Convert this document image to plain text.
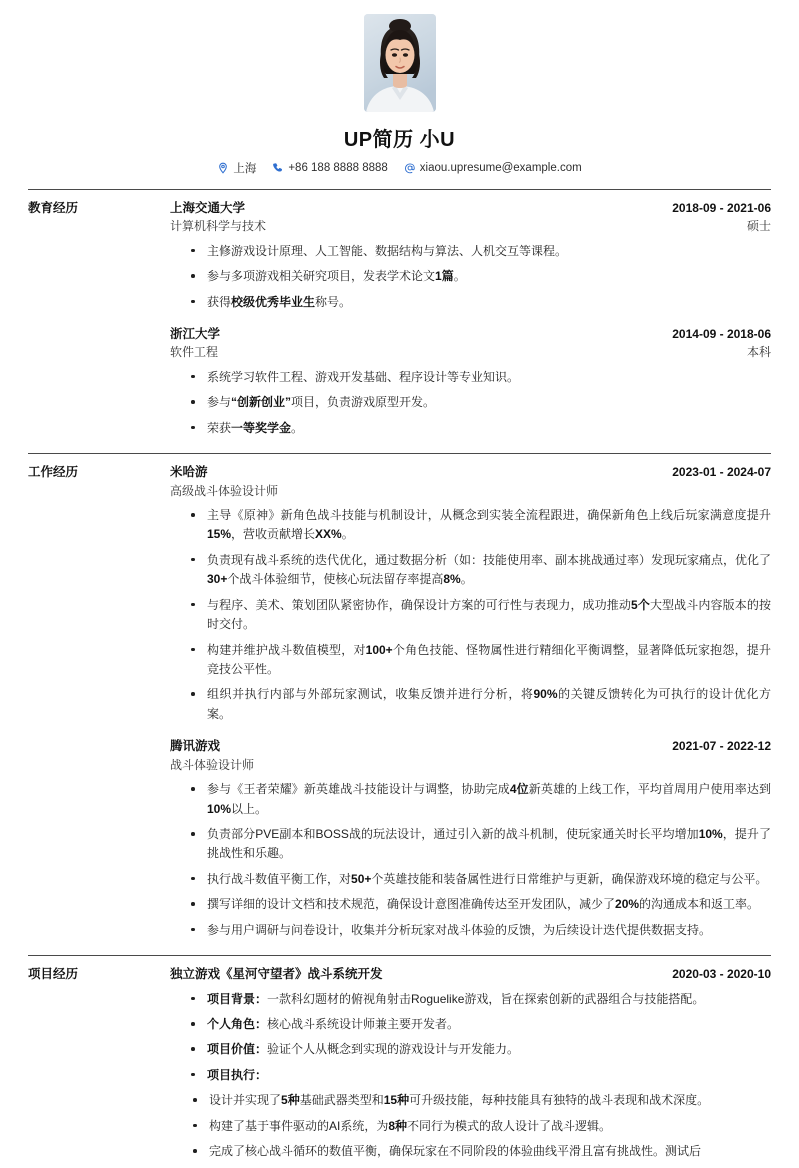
UP简历 小U
上海	+86 188 8888 8888	xiaou.upresume@example.com
教育经历	上海交通大学	2018-09 - 2021-06
计算机科学与技术	硕士
主修游戏设计原理、人工智能、数据结构与算法、人机交互等课程。
参与多项游戏相关研究项目，发表学术论文1篇。
获得校级优秀毕业生称号。
浙江大学	2014-09 - 2018-06
软件工程	本科
系统学习软件工程、游戏开发基础、程序设计等专业知识。
参与“创新创业”项目，负责游戏原型开发。
荣获一等奖学金。
工作经历	米哈游	2023-01 - 2024-07
高级战斗体验设计师
主导《原神》新角色战斗技能与机制设计，从概念到实装全流程跟进，确保新角色上线后玩家满意度提升15%，营收贡献增长XX%。
负责现有战斗系统的迭代优化，通过数据分析（如：技能使用率、副本挑战通过率）发现玩家痛点，优化了30+个战斗体验细节，使核心玩法留存率提高8%。
与程序、美术、策划团队紧密协作，确保设计方案的可行性与表现力，成功推动5个大型战斗内容版本的按时交付。
构建并维护战斗数值模型，对100+个角色技能、怪物属性进行精细化平衡调整，显著降低玩家抱怨，提升竞技公平性。
组织并执行内部与外部玩家测试，收集反馈并进行分析，将90%的关键反馈转化为可执行的设计优化方案。
腾讯游戏	2021-07 - 2022-12
战斗体验设计师
参与《王者荣耀》新英雄战斗技能设计与调整，协助完成4位新英雄的上线工作，平均首周用户使用率达到10%以上。
负责部分PVE副本和BOSS战的玩法设计，通过引入新的战斗机制，使玩家通关时长平均增加10%，提升了挑战性和乐趣。
执行战斗数值平衡工作，对50+个英雄技能和装备属性进行日常维护与更新，确保游戏环境的稳定与公平。
撰写详细的设计文档和技术规范，确保设计意图准确传达至开发团队，减少了20%的沟通成本和返工率。
参与用户调研与问卷设计，收集并分析玩家对战斗体验的反馈，为后续设计迭代提供数据支持。
项目经历	独立游戏《星河守望者》战斗系统开发	2020-03 - 2020-10
项目背景：一款科幻题材的俯视角射击Roguelike游戏，旨在探索创新的武器组合与技能搭配。
个人角色：核心战斗系统设计师兼主要开发者。
项目价值：验证个人从概念到实现的游戏设计与开发能力。
项目执行：
设计并实现了5种基础武器类型和15种可升级技能，每种技能具有独特的战斗表现和战术深度。
构建了基于事件驱动的AI系统，为8种不同行为模式的敌人设计了战斗逻辑。
完成了核心战斗循环的数值平衡，确保玩家在不同阶段的体验曲线平滑且富有挑战性。测试后
